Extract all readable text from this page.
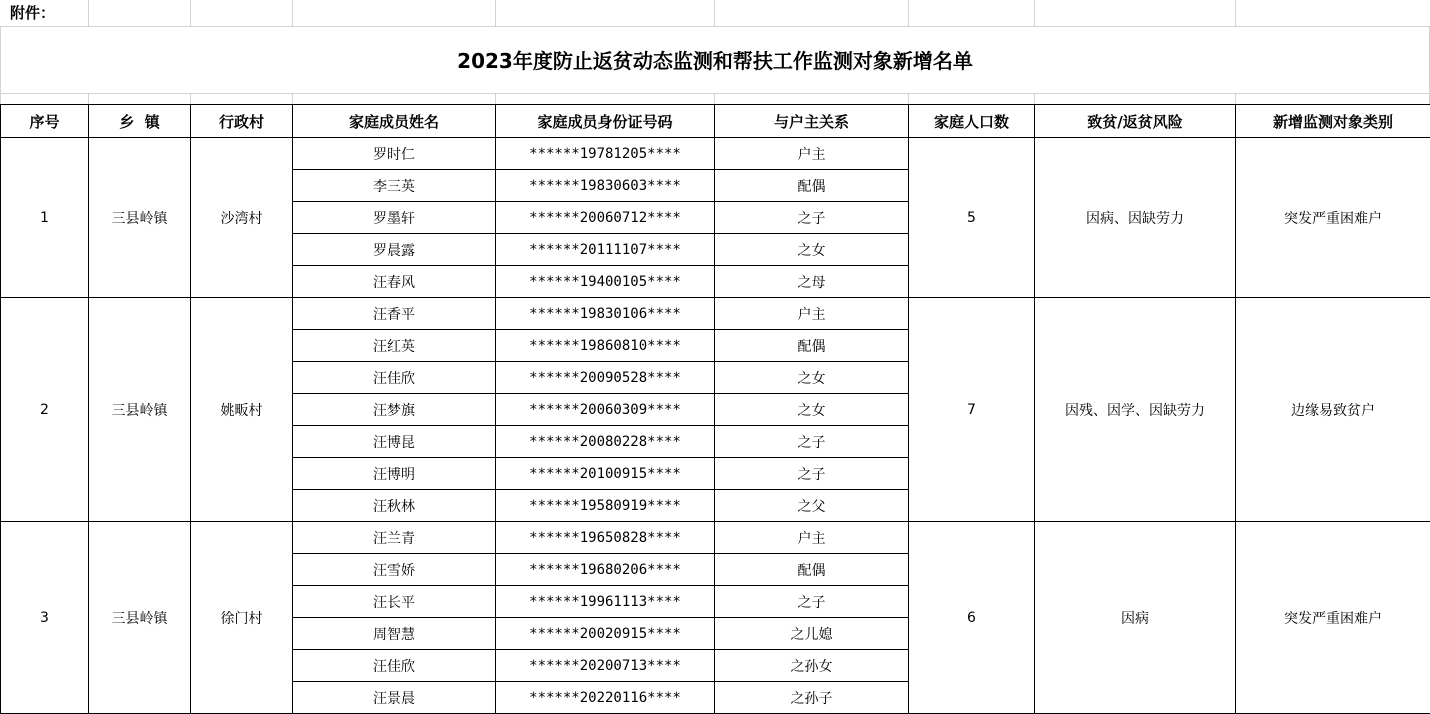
附件：
2023年度防止返贫动态监测和帮扶工作监测对象新增名单
序号	乡  镇	行政村	家庭成员姓名	家庭成员身份证号码	与户主关系	家庭人口数	致贫/返贫风险	新增监测对象类别
1	三县岭镇	沙湾村	罗时仁	******19781205****	户主	5	因病、因缺劳力	突发严重困难户
			李三英	******19830603****	配偶			
			罗墨轩	******20060712****	之子			
			罗晨露	******20111107****	之女			
			汪春风	******19400105****	之母			
2	三县岭镇	姚畈村	汪香平	******19830106****	户主	7	因残、因学、因缺劳力	边缘易致贫户
			汪红英	******19860810****	配偶			
			汪佳欣	******20090528****	之女			
			汪梦旗	******20060309****	之女			
			汪博昆	******20080228****	之子			
			汪博明	******20100915****	之子			
			汪秋林	******19580919****	之父			
3	三县岭镇	徐门村	汪兰青	******19650828****	户主	6	因病	突发严重困难户
			汪雪娇	******19680206****	配偶			
			汪长平	******19961113****	之子			
			周智慧	******20020915****	之儿媳			
			汪佳欣	******20200713****	之孙女			
			汪景晨	******20220116****	之孙子			
